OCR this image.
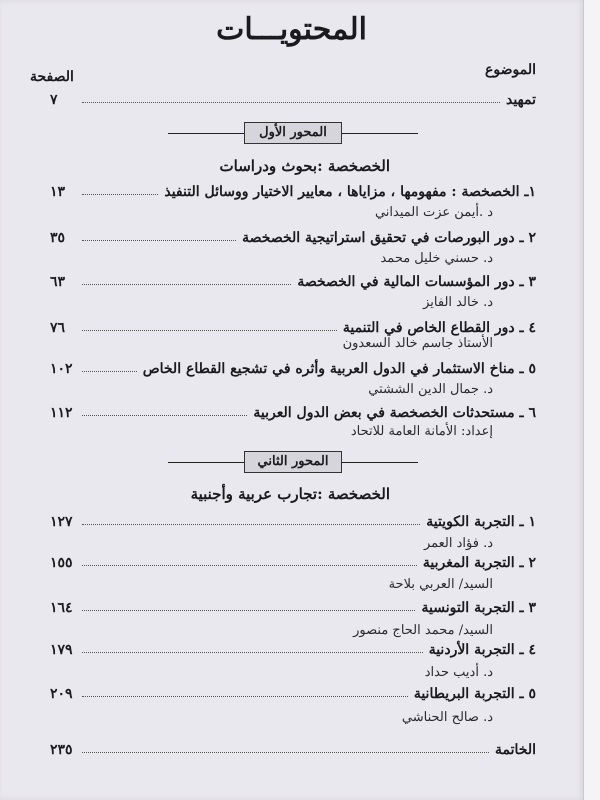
المحتويـــات
الموضوع
الصفحة
تمهيد
٧
المحور الأول
الخصخصة :بحوث ودراسات
١ـ الخصخصة : مفهومها ، مزاياها ، معايير الاختيار ووسائل التنفيذ
١٣
د .أيمن عزت الميداني
٢ ـ دور البورصات في تحقيق استراتيجية الخصخصة
٣٥
د. حسني خليل محمد
٣ ـ دور المؤسسات المالية في الخصخصة
٦٣
د. خالد الفايز
٤ ـ دور القطاع الخاص في التنمية
٧٦
الأستاذ جاسم خالد السعدون
٥ ـ مناخ الاستثمار في الدول العربية وأثره في تشجيع القطاع الخاص
١٠٢
د. جمال الدين الششتي
٦ ـ مستحدثات الخصخصة في بعض الدول العربية
١١٢
إعداد: الأمانة العامة للاتحاد
المحور الثاني
الخصخصة :تجارب عربية وأجنبية
١ ـ التجربة الكويتية
١٢٧
د. فؤاد العمر
٢ ـ التجربة المغربية
١٥٥
السيد/ العربي بلاحة
٣ ـ التجربة التونسية
١٦٤
السيد/ محمد الحاج منصور
٤ ـ التجربة الأردنية
١٧٩
د. أديب حداد
٥ ـ التجربة البريطانية
٢٠٩
د. صالح الحناشي
الخاتمة
٢٣٥
